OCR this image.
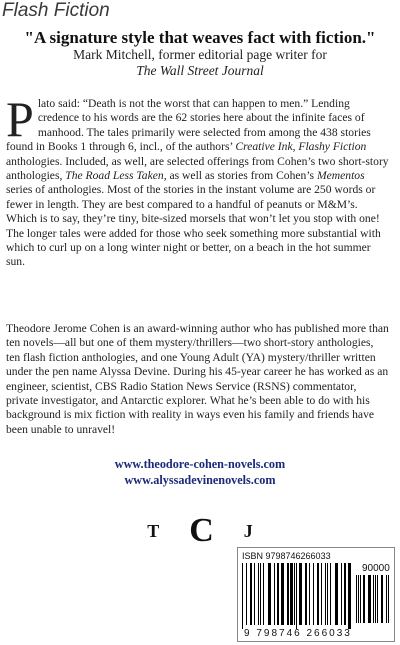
Flash Fiction
"A signature style that weaves fact with fiction."
Mark Mitchell, former editorial page writer for
The Wall Street Journal
Plato said: “Death is not the worst that can happen to men.” Lending credence to his words are the 62 stories here about the infinite faces of manhood. The tales primarily were selected from among the 438 stories found in Books 1 through 6, incl., of the authors’ Creative Ink, Flashy Fiction anthologies. Included, as well, are selected offerings from Cohen’s two short-story anthologies, The Road Less Taken, as well as stories from Cohen’s Mementos series of anthologies. Most of the stories in the instant volume are 250 words or fewer in length. They are best compared to a handful of peanuts or M&M’s. Which is to say, they’re tiny, bite-sized morsels that won’t let you stop with one! The longer tales were added for those who seek something more substantial with which to curl up on a long winter night or better, on a beach in the hot summer sun.
Theodore Jerome Cohen is an award-winning author who has published more than ten novels—all but one of them mystery/thrillers—two short-story anthologies, ten flash fiction anthologies, and one Young Adult (YA) mystery/thriller written under the pen name Alyssa Devine. During his 45-year career he has worked as an engineer, scientist, CBS Radio Station News Service (RSNS) commentator, private investigator, and Antarctic explorer. What he’s been able to do with his background is mix fiction with reality in ways even his family and friends have been unable to unravel!
www.theodore-cohen-novels.com
www.alyssadevinenovels.com
T C J
ISBN 9798746266033
90000
9 798746 266033
